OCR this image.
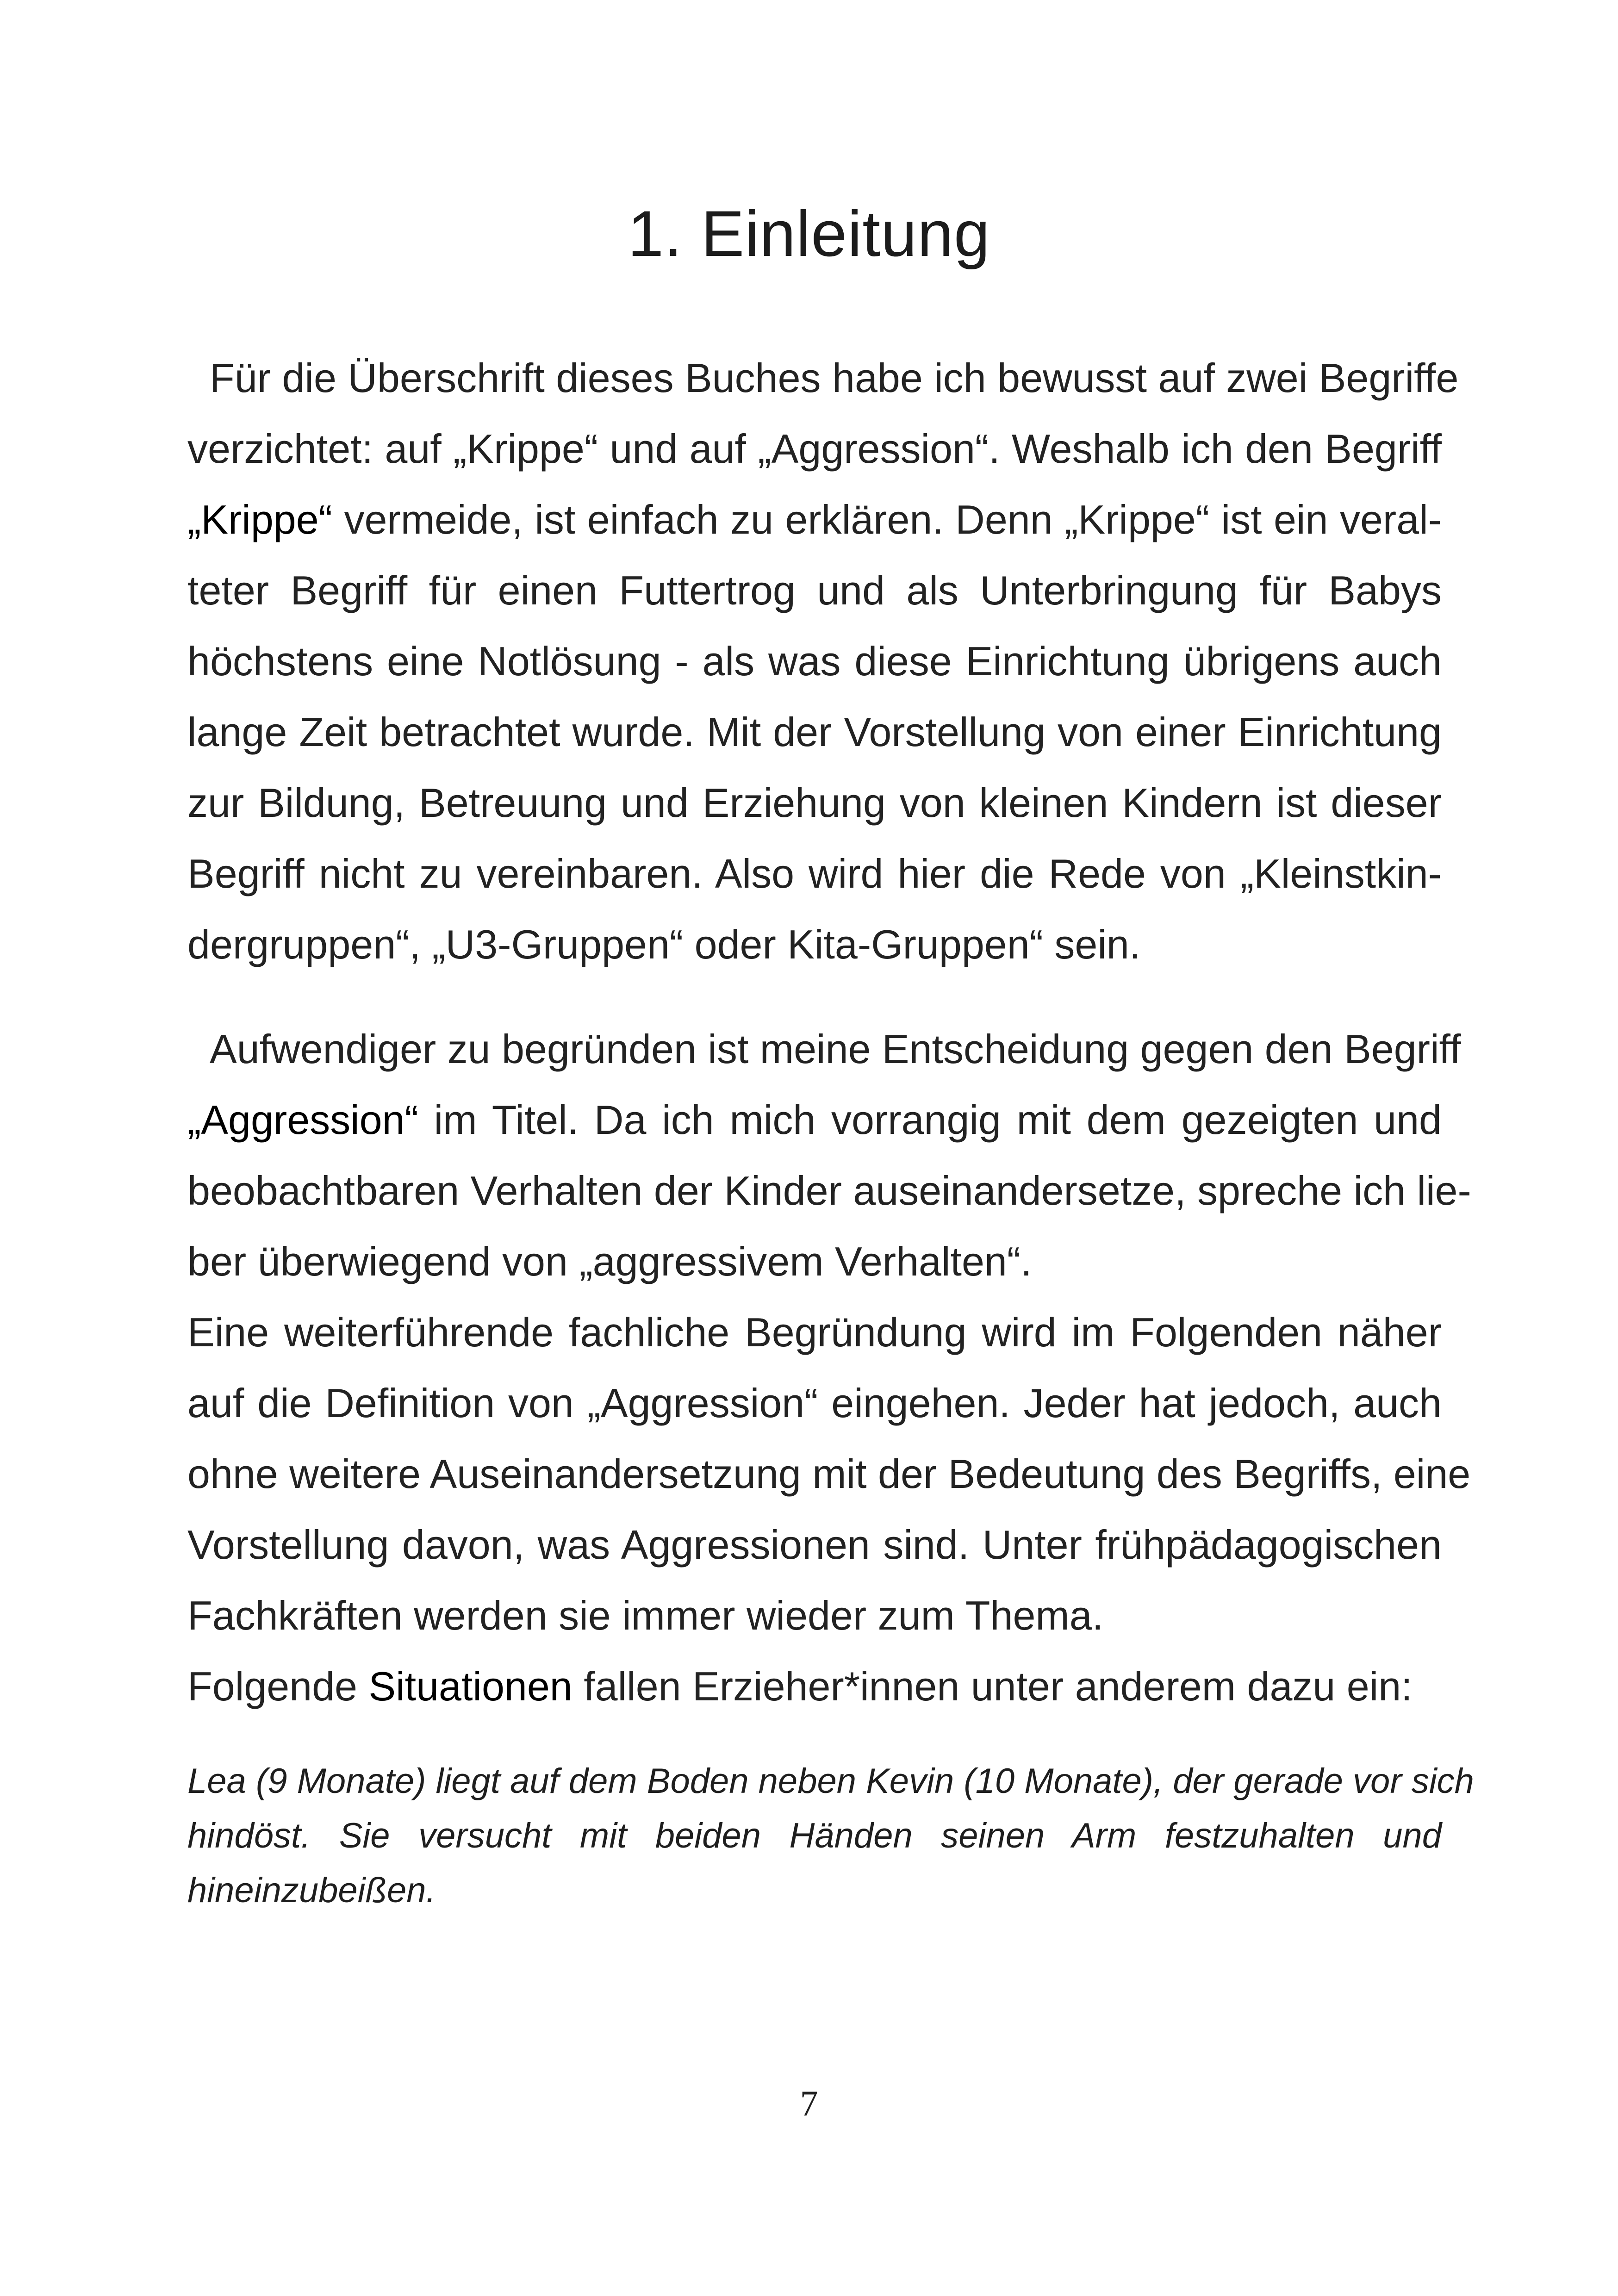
1. Einleitung
Für die Überschrift dieses Buches habe ich bewusst auf zwei Begriffe
verzichtet: auf „Krippe“ und auf „Aggression“. Weshalb ich den Begriff
„Krippe“ vermeide, ist einfach zu erklären. Denn „Krippe“ ist ein veral-
teter Begriff für einen Futtertrog und als Unterbringung für Babys
höchstens eine Notlösung - als was diese Einrichtung übrigens auch
lange Zeit betrachtet wurde. Mit der Vorstellung von einer Einrichtung
zur Bildung, Betreuung und Erziehung von kleinen Kindern ist dieser
Begriff nicht zu vereinbaren. Also wird hier die Rede von „Kleinstkin-
dergruppen“, „U3-Gruppen“ oder Kita-Gruppen“ sein.
Aufwendiger zu begründen ist meine Entscheidung gegen den Begriff
„Aggression“ im Titel. Da ich mich vorrangig mit dem gezeigten und
beobachtbaren Verhalten der Kinder auseinandersetze, spreche ich lie-
ber überwiegend von „aggressivem Verhalten“.
Eine weiterführende fachliche Begründung wird im Folgenden näher
auf die Definition von „Aggression“ eingehen. Jeder hat jedoch, auch
ohne weitere Auseinandersetzung mit der Bedeutung des Begriffs, eine
Vorstellung davon, was Aggressionen sind. Unter frühpädagogischen
Fachkräften werden sie immer wieder zum Thema.
Folgende Situationen fallen Erzieher*innen unter anderem dazu ein:
Lea (9 Monate) liegt auf dem Boden neben Kevin (10 Monate), der gerade vor sich
hindöst. Sie versucht mit beiden Händen seinen Arm festzuhalten und
hineinzubeißen.
7
